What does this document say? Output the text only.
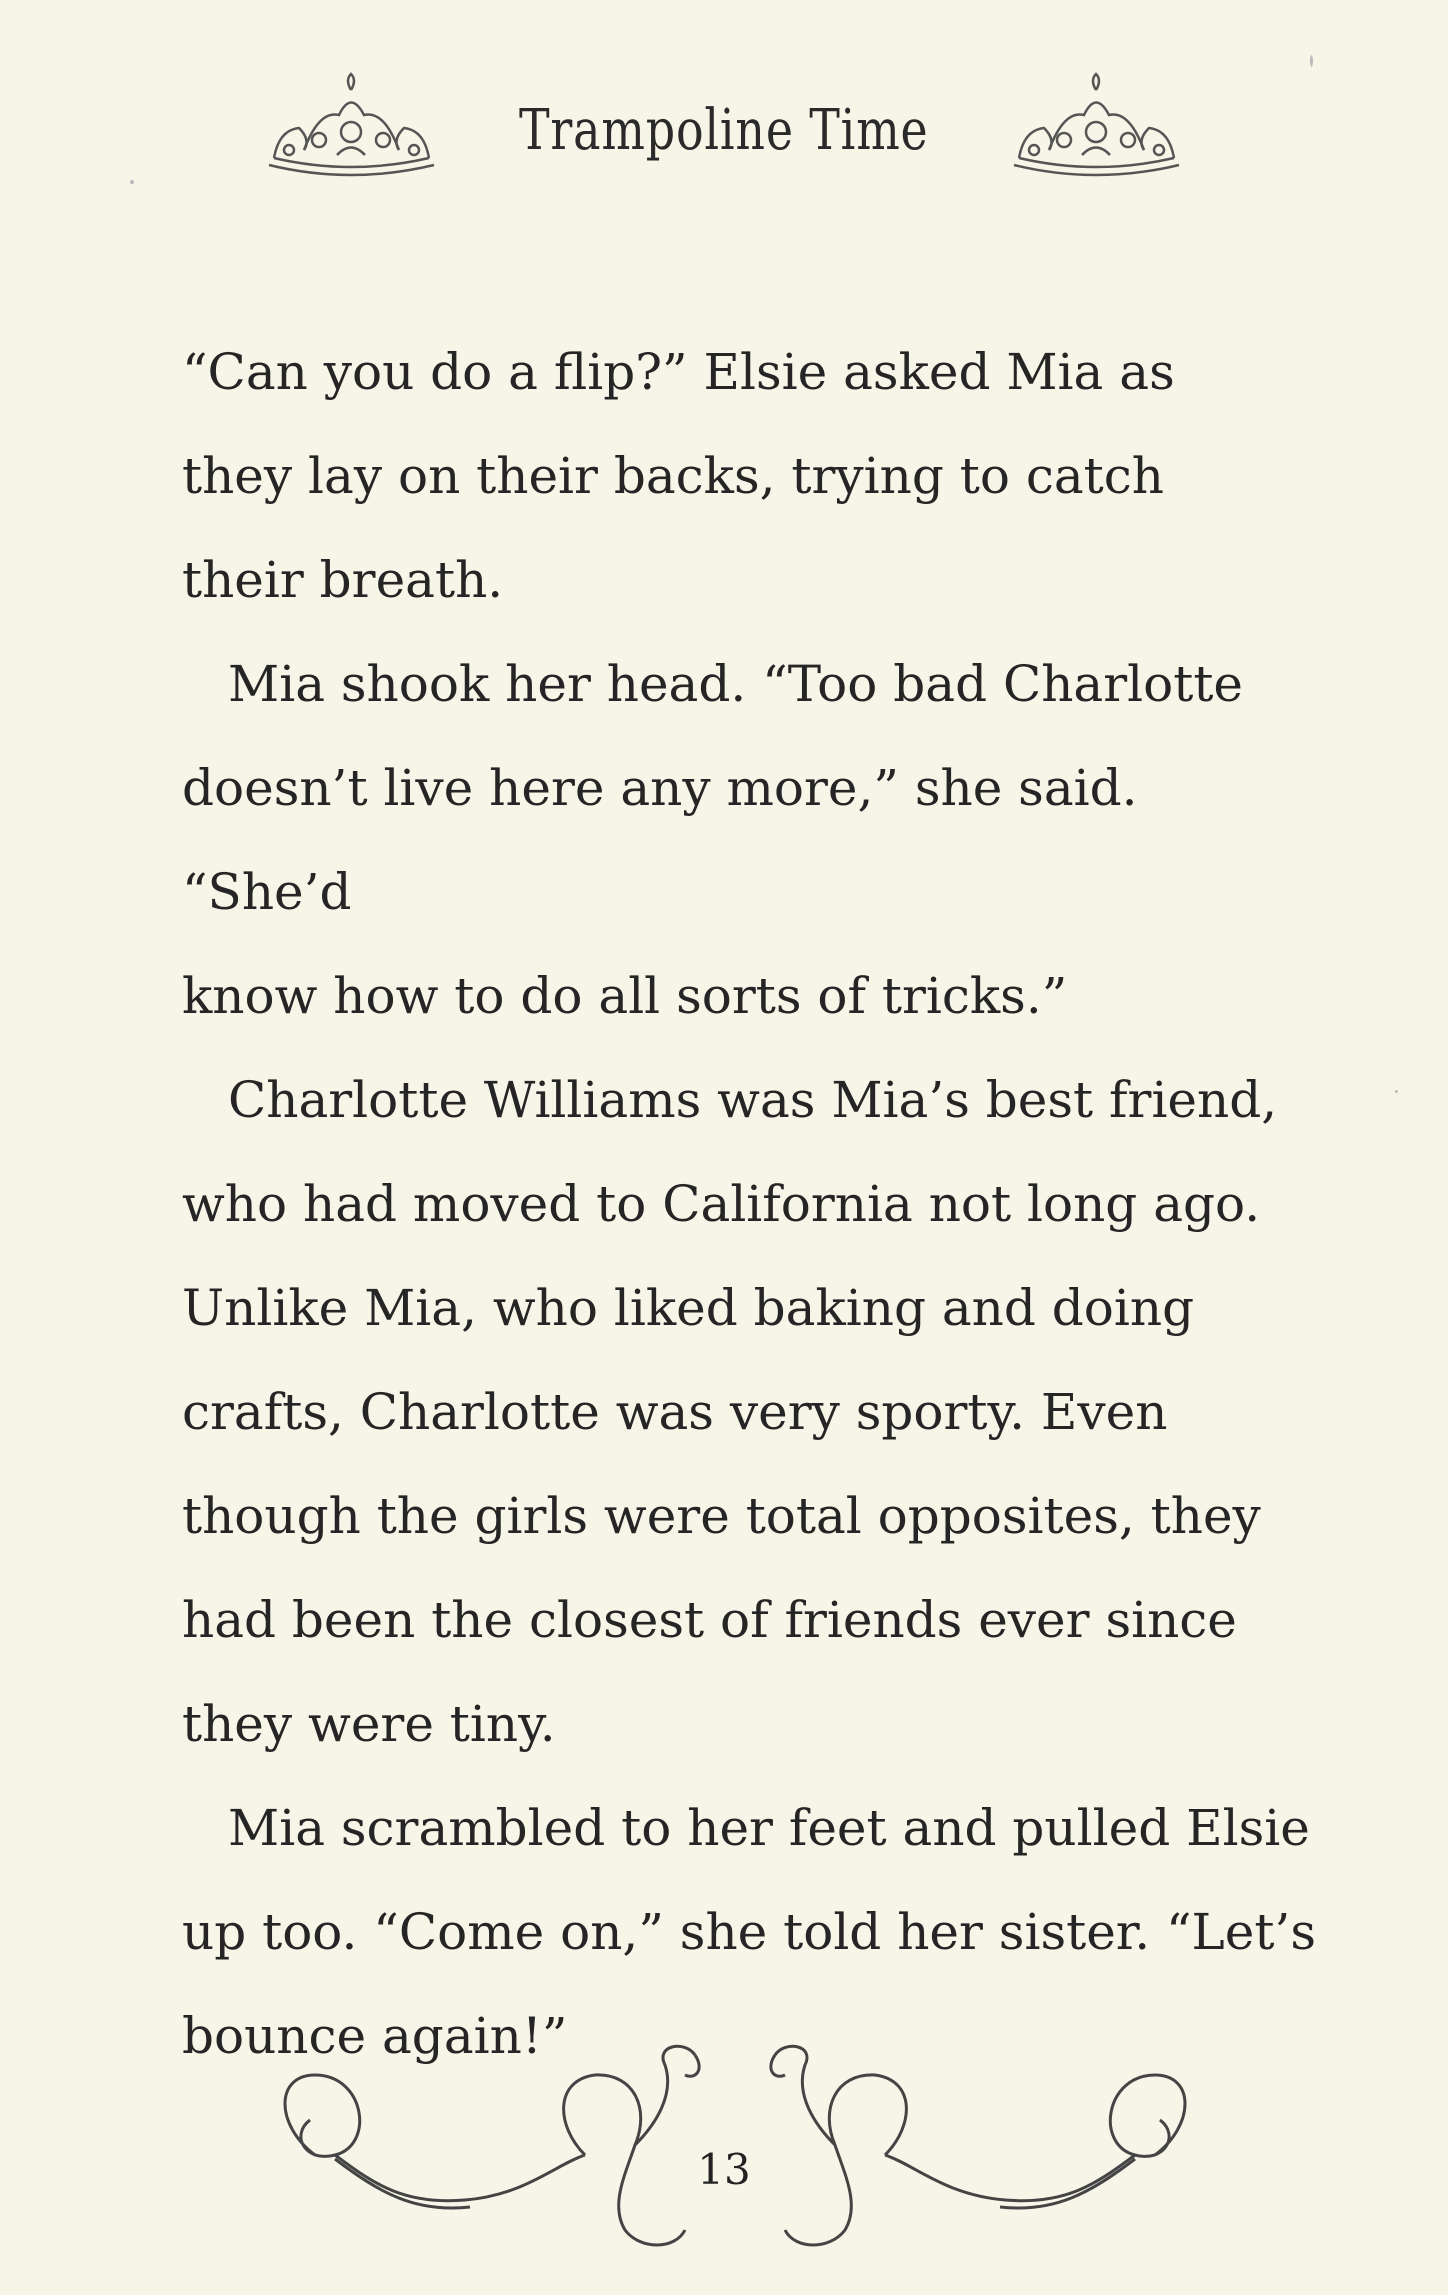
Trampoline Time

“Can you do a flip?” Elsie asked Mia as
they lay on their backs, trying to catch
their breath.

Mia shook her head. “Too bad Charlotte
doesn’t live here any more,” she said. “She’d
know how to do all sorts of tricks.”

Charlotte Williams was Mia’s best friend,
who had moved to California not long ago.
Unlike Mia, who liked baking and doing
crafts, Charlotte was very sporty. Even
though the girls were total opposites, they
had been the closest of friends ever since
they were tiny.

Mia scrambled to her feet and pulled Elsie
up too. “Come on,” she told her sister. “Let’s
bounce again!”

13
